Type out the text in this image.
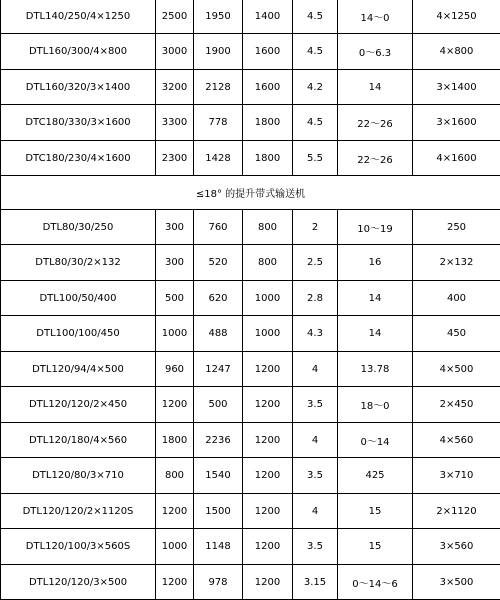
DTL140/250/4×1250	2500	1950	1400	4.5	14～0	4×1250
DTL160/300/4×800	3000	1900	1600	4.5	0～6.3	4×800
DTL160/320/3×1400	3200	2128	1600	4.2	14	3×1400
DTC180/330/3×1600	3300	778	1800	4.5	22～26	3×1600
DTC180/230/4×1600	2300	1428	1800	5.5	22～26	4×1600
≤18° 的提升带式输送机						
DTL80/30/250	300	760	800	2	10～19	250
DTL80/30/2×132	300	520	800	2.5	16	2×132
DTL100/50/400	500	620	1000	2.8	14	400
DTL100/100/450	1000	488	1000	4.3	14	450
DTL120/94/4×500	960	1247	1200	4	13.78	4×500
DTL120/120/2×450	1200	500	1200	3.5	18～0	2×450
DTL120/180/4×560	1800	2236	1200	4	0～14	4×560
DTL120/80/3×710	800	1540	1200	3.5	425	3×710
DTL120/120/2×1120S	1200	1500	1200	4	15	2×1120
DTL120/100/3×560S	1000	1148	1200	3.5	15	3×560
DTL120/120/3×500	1200	978	1200	3.15	0～14～6	3×500
